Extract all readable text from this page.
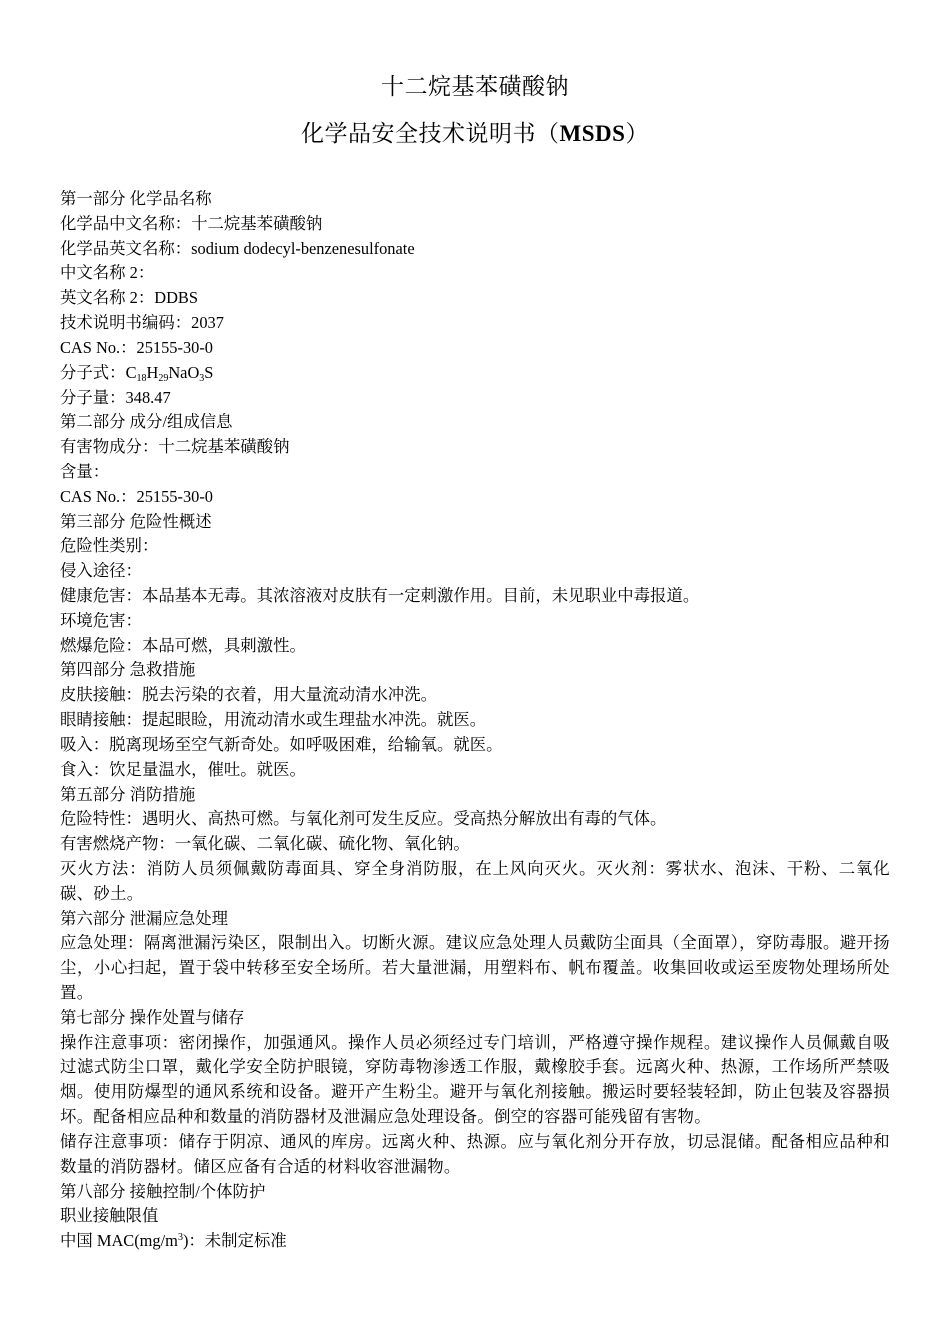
十二烷基苯磺酸钠
化学品安全技术说明书（MSDS）
第一部分 化学品名称
化学品中文名称：十二烷基苯磺酸钠
化学品英文名称：sodium dodecyl-benzenesulfonate
中文名称 2：
英文名称 2：DDBS
技术说明书编码：2037
CAS No.：25155-30-0
分子式：$C_{18}H_{29}NaO_3S$
分子量：348.47
第二部分 成分/组成信息
有害物成分：十二烷基苯磺酸钠
含量：
CAS No.：25155-30-0
第三部分 危险性概述
危险性类别：
侵入途径：
健康危害：本品基本无毒。其浓溶液对皮肤有一定刺激作用。目前，未见职业中毒报道。
环境危害：
燃爆危险：本品可燃，具刺激性。
第四部分 急救措施
皮肤接触：脱去污染的衣着，用大量流动清水冲洗。
眼睛接触：提起眼睑，用流动清水或生理盐水冲洗。就医。
吸入：脱离现场至空气新奇处。如呼吸困难，给输氧。就医。
食入：饮足量温水，催吐。就医。
第五部分 消防措施
危险特性：遇明火、高热可燃。与氧化剂可发生反应。受高热分解放出有毒的气体。
有害燃烧产物：一氧化碳、二氧化碳、硫化物、氧化钠。
灭火方法：消防人员须佩戴防毒面具、穿全身消防服，在上风向灭火。灭火剂：雾状水、泡沫、干粉、二氧化碳、砂土。
第六部分 泄漏应急处理
应急处理：隔离泄漏污染区，限制出入。切断火源。建议应急处理人员戴防尘面具（全面罩），穿防毒服。避开扬尘，小心扫起，置于袋中转移至安全场所。若大量泄漏，用塑料布、帆布覆盖。收集回收或运至废物处理场所处置。
第七部分 操作处置与储存
操作注意事项：密闭操作，加强通风。操作人员必须经过专门培训，严格遵守操作规程。建议操作人员佩戴自吸过滤式防尘口罩，戴化学安全防护眼镜，穿防毒物渗透工作服，戴橡胶手套。远离火种、热源，工作场所严禁吸烟。使用防爆型的通风系统和设备。避开产生粉尘。避开与氧化剂接触。搬运时要轻装轻卸，防止包装及容器损坏。配备相应品种和数量的消防器材及泄漏应急处理设备。倒空的容器可能残留有害物。
储存注意事项：储存于阴凉、通风的库房。远离火种、热源。应与氧化剂分开存放，切忌混储。配备相应品种和数量的消防器材。储区应备有合适的材料收容泄漏物。
第八部分 接触控制/个体防护
职业接触限值
中国 $MAC(mg/m^3)$：未制定标准
